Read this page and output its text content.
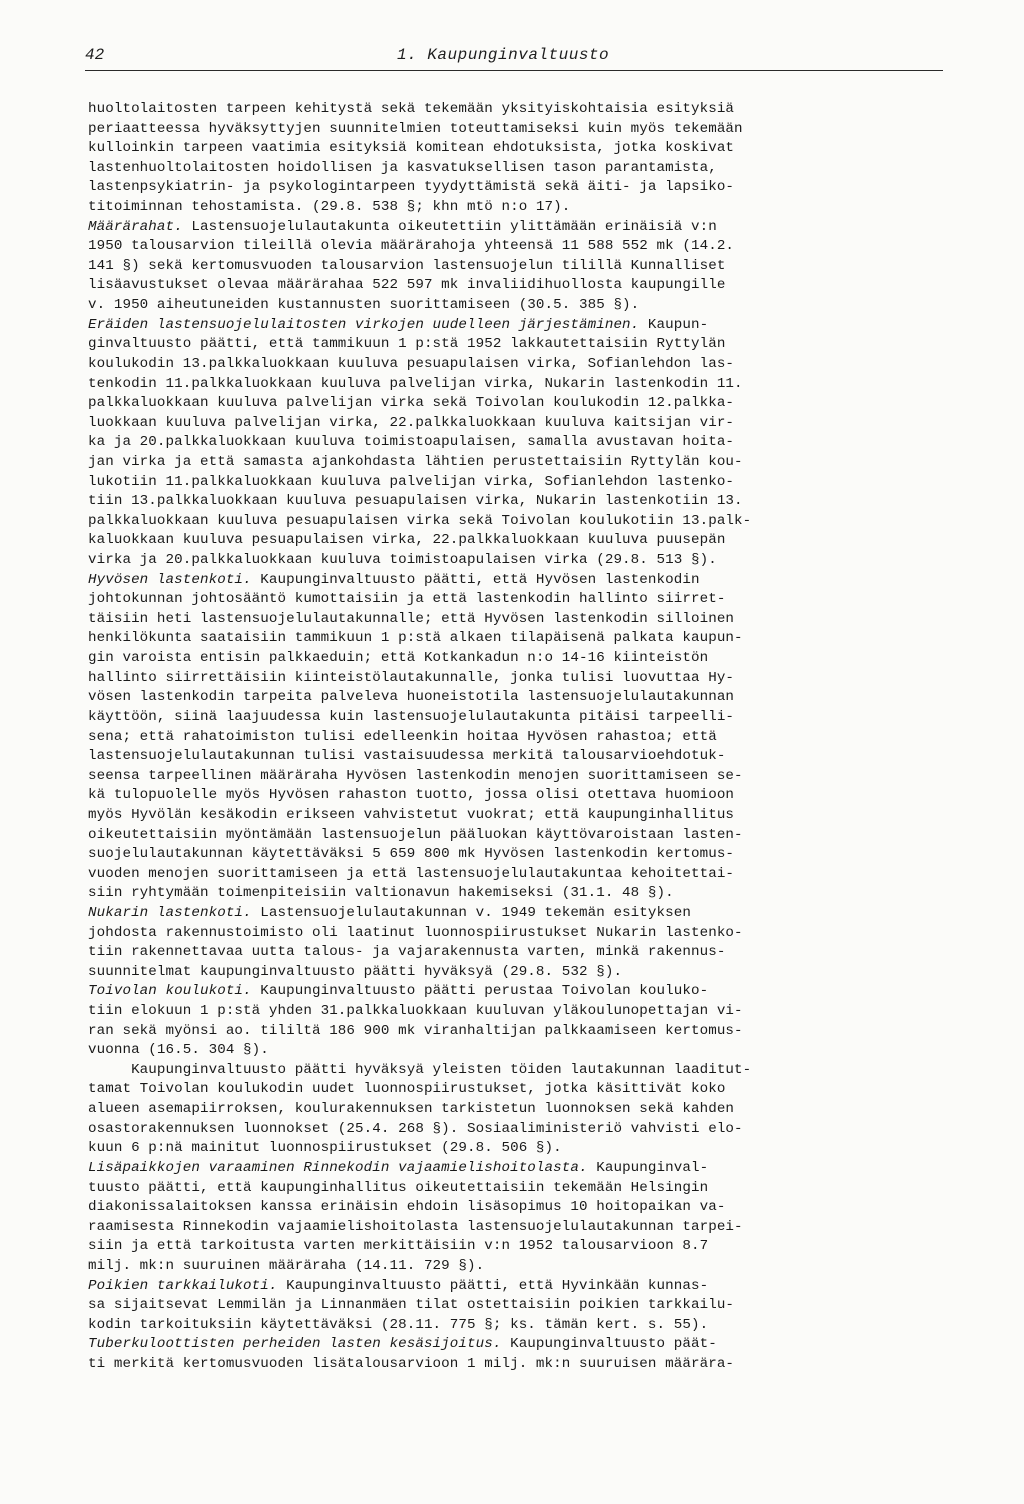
42	1. Kaupunginvaltuusto
huoltolaitosten tarpeen kehitystä sekä tekemään yksityiskohtaisia esityksiä
periaatteessa hyväksyttyjen suunnitelmien toteuttamiseksi kuin myös tekemään
kulloinkin tarpeen vaatimia esityksiä komitean ehdotuksista, jotka koskivat
lastenhuoltolaitosten hoidollisen ja kasvatuksellisen tason parantamista,
lastenpsykiatrin- ja psykologintarpeen tyydyttämistä sekä äiti- ja lapsiko-
titoiminnan tehostamista. (29.8. 538 §; khn mtö n:o 17).
Määrärahat. Lastensuojelulautakunta oikeutettiin ylittämään erinäisiä v:n
1950 talousarvion tileillä olevia määrärahoja yhteensä 11 588 552 mk (14.2.
141 §) sekä kertomusvuoden talousarvion lastensuojelun tilillä Kunnalliset
lisäavustukset olevaa määrärahaa 522 597 mk invaliidihuollosta kaupungille
v. 1950 aiheutuneiden kustannusten suorittamiseen (30.5. 385 §).
Eräiden lastensuojelulaitosten virkojen uudelleen järjestäminen. Kaupun-
ginvaltuusto päätti, että tammikuun 1 p:stä 1952 lakkautettaisiin Ryttylän
koulukodin 13.palkkaluokkaan kuuluva pesuapulaisen virka, Sofianlehdon las-
tenkodin 11.palkkaluokkaan kuuluva palvelijan virka, Nukarin lastenkodin 11.
palkkaluokkaan kuuluva palvelijan virka sekä Toivolan koulukodin 12.palkka-
luokkaan kuuluva palvelijan virka, 22.palkkaluokkaan kuuluva kaitsijan vir-
ka ja 20.palkkaluokkaan kuuluva toimistoapulaisen, samalla avustavan hoita-
jan virka ja että samasta ajankohdasta lähtien perustettaisiin Ryttylän kou-
lukotiin 11.palkkaluokkaan kuuluva palvelijan virka, Sofianlehdon lastenko-
tiin 13.palkkaluokkaan kuuluva pesuapulaisen virka, Nukarin lastenkotiin 13.
palkkaluokkaan kuuluva pesuapulaisen virka sekä Toivolan koulukotiin 13.palk-
kaluokkaan kuuluva pesuapulaisen virka, 22.palkkaluokkaan kuuluva puusepän
virka ja 20.palkkaluokkaan kuuluva toimistoapulaisen virka (29.8. 513 §).
Hyvösen lastenkoti. Kaupunginvaltuusto päätti, että Hyvösen lastenkodin
johtokunnan johtosääntö kumottaisiin ja että lastenkodin hallinto siirret-
täisiin heti lastensuojelulautakunnalle; että Hyvösen lastenkodin silloinen
henkilökunta saataisiin tammikuun 1 p:stä alkaen tilapäisenä palkata kaupun-
gin varoista entisin palkkaeduin; että Kotkankadun n:o 14-16 kiinteistön
hallinto siirrettäisiin kiinteistölautakunnalle, jonka tulisi luovuttaa Hy-
vösen lastenkodin tarpeita palveleva huoneistotila lastensuojelulautakunnan
käyttöön, siinä laajuudessa kuin lastensuojelulautakunta pitäisi tarpeelli-
sena; että rahatoimiston tulisi edelleenkin hoitaa Hyvösen rahastoa; että
lastensuojelulautakunnan tulisi vastaisuudessa merkitä talousarvioehdotuk-
seensa tarpeellinen määräraha Hyvösen lastenkodin menojen suorittamiseen se-
kä tulopuolelle myös Hyvösen rahaston tuotto, jossa olisi otettava huomioon
myös Hyvölän kesäkodin erikseen vahvistetut vuokrat; että kaupunginhallitus
oikeutettaisiin myöntämään lastensuojelun pääluokan käyttövaroistaan lasten-
suojelulautakunnan käytettäväksi 5 659 800 mk Hyvösen lastenkodin kertomus-
vuoden menojen suorittamiseen ja että lastensuojelulautakuntaa kehoitettai-
siin ryhtymään toimenpiteisiin valtionavun hakemiseksi (31.1. 48 §).
Nukarin lastenkoti. Lastensuojelulautakunnan v. 1949 tekemän esityksen
johdosta rakennustoimisto oli laatinut luonnospiirustukset Nukarin lastenko-
tiin rakennettavaa uutta talous- ja vajarakennusta varten, minkä rakennus-
suunnitelmat kaupunginvaltuusto päätti hyväksyä (29.8. 532 §).
Toivolan koulukoti. Kaupunginvaltuusto päätti perustaa Toivolan kouluko-
tiin elokuun 1 p:stä yhden 31.palkkaluokkaan kuuluvan yläkoulunopettajan vi-
ran sekä myönsi ao. tililtä 186 900 mk viranhaltijan palkkaamiseen kertomus-
vuonna (16.5. 304 §).
Kaupunginvaltuusto päätti hyväksyä yleisten töiden lautakunnan laaditut-
tamat Toivolan koulukodin uudet luonnospiirustukset, jotka käsittivät koko
alueen asemapiirroksen, koulurakennuksen tarkistetun luonnoksen sekä kahden
osastorakennuksen luonnokset (25.4. 268 §). Sosiaaliministeriö vahvisti elo-
kuun 6 p:nä mainitut luonnospiirustukset (29.8. 506 §).
Lisäpaikkojen varaaminen Rinnekodin vajaamielishoitolasta. Kaupunginval-
tuusto päätti, että kaupunginhallitus oikeutettaisiin tekemään Helsingin
diakonissalaitoksen kanssa erinäisin ehdoin lisäsopimus 10 hoitopaikan va-
raamisesta Rinnekodin vajaamielishoitolasta lastensuojelulautakunnan tarpei-
siin ja että tarkoitusta varten merkittäisiin v:n 1952 talousarvioon 8.7
milj. mk:n suuruinen määräraha (14.11. 729 §).
Poikien tarkkailukoti. Kaupunginvaltuusto päätti, että Hyvinkään kunnas-
sa sijaitsevat Lemmilän ja Linnanmäen tilat ostettaisiin poikien tarkkailu-
kodin tarkoituksiin käytettäväksi (28.11. 775 §; ks. tämän kert. s. 55).
Tuberkuloottisten perheiden lasten kesäsijoitus. Kaupunginvaltuusto päät-
ti merkitä kertomusvuoden lisätalousarvioon 1 milj. mk:n suuruisen määrära-
